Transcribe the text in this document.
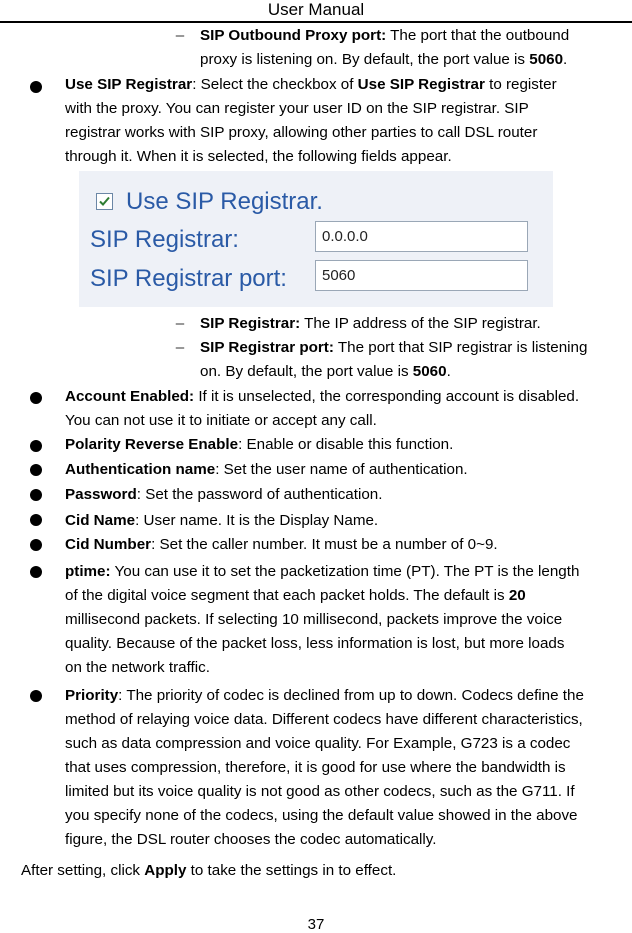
User Manual
– SIP Outbound Proxy port: The port that the outbound
proxy is listening on. By default, the port value is 5060.
Use SIP Registrar: Select the checkbox of Use SIP Registrar to register
with the proxy. You can register your user ID on the SIP registrar. SIP
registrar works with SIP proxy, allowing other parties to call DSL router
through it. When it is selected, the following fields appear.
Use SIP Registrar.
SIP Registrar:	0.0.0.0
SIP Registrar port:	5060
– SIP Registrar: The IP address of the SIP registrar.
– SIP Registrar port: The port that SIP registrar is listening
on. By default, the port value is 5060.
Account Enabled: If it is unselected, the corresponding account is disabled.
You can not use it to initiate or accept any call.
Polarity Reverse Enable: Enable or disable this function.
Authentication name: Set the user name of authentication.
Password: Set the password of authentication.
Cid Name: User name. It is the Display Name.
Cid Number: Set the caller number. It must be a number of 0~9.
ptime: You can use it to set the packetization time (PT). The PT is the length
of the digital voice segment that each packet holds. The default is 20
millisecond packets. If selecting 10 millisecond, packets improve the voice
quality. Because of the packet loss, less information is lost, but more loads
on the network traffic.
Priority: The priority of codec is declined from up to down. Codecs define the
method of relaying voice data. Different codecs have different characteristics,
such as data compression and voice quality. For Example, G723 is a codec
that uses compression, therefore, it is good for use where the bandwidth is
limited but its voice quality is not good as other codecs, such as the G711. If
you specify none of the codecs, using the default value showed in the above
figure, the DSL router chooses the codec automatically.
After setting, click Apply to take the settings in to effect.
37
